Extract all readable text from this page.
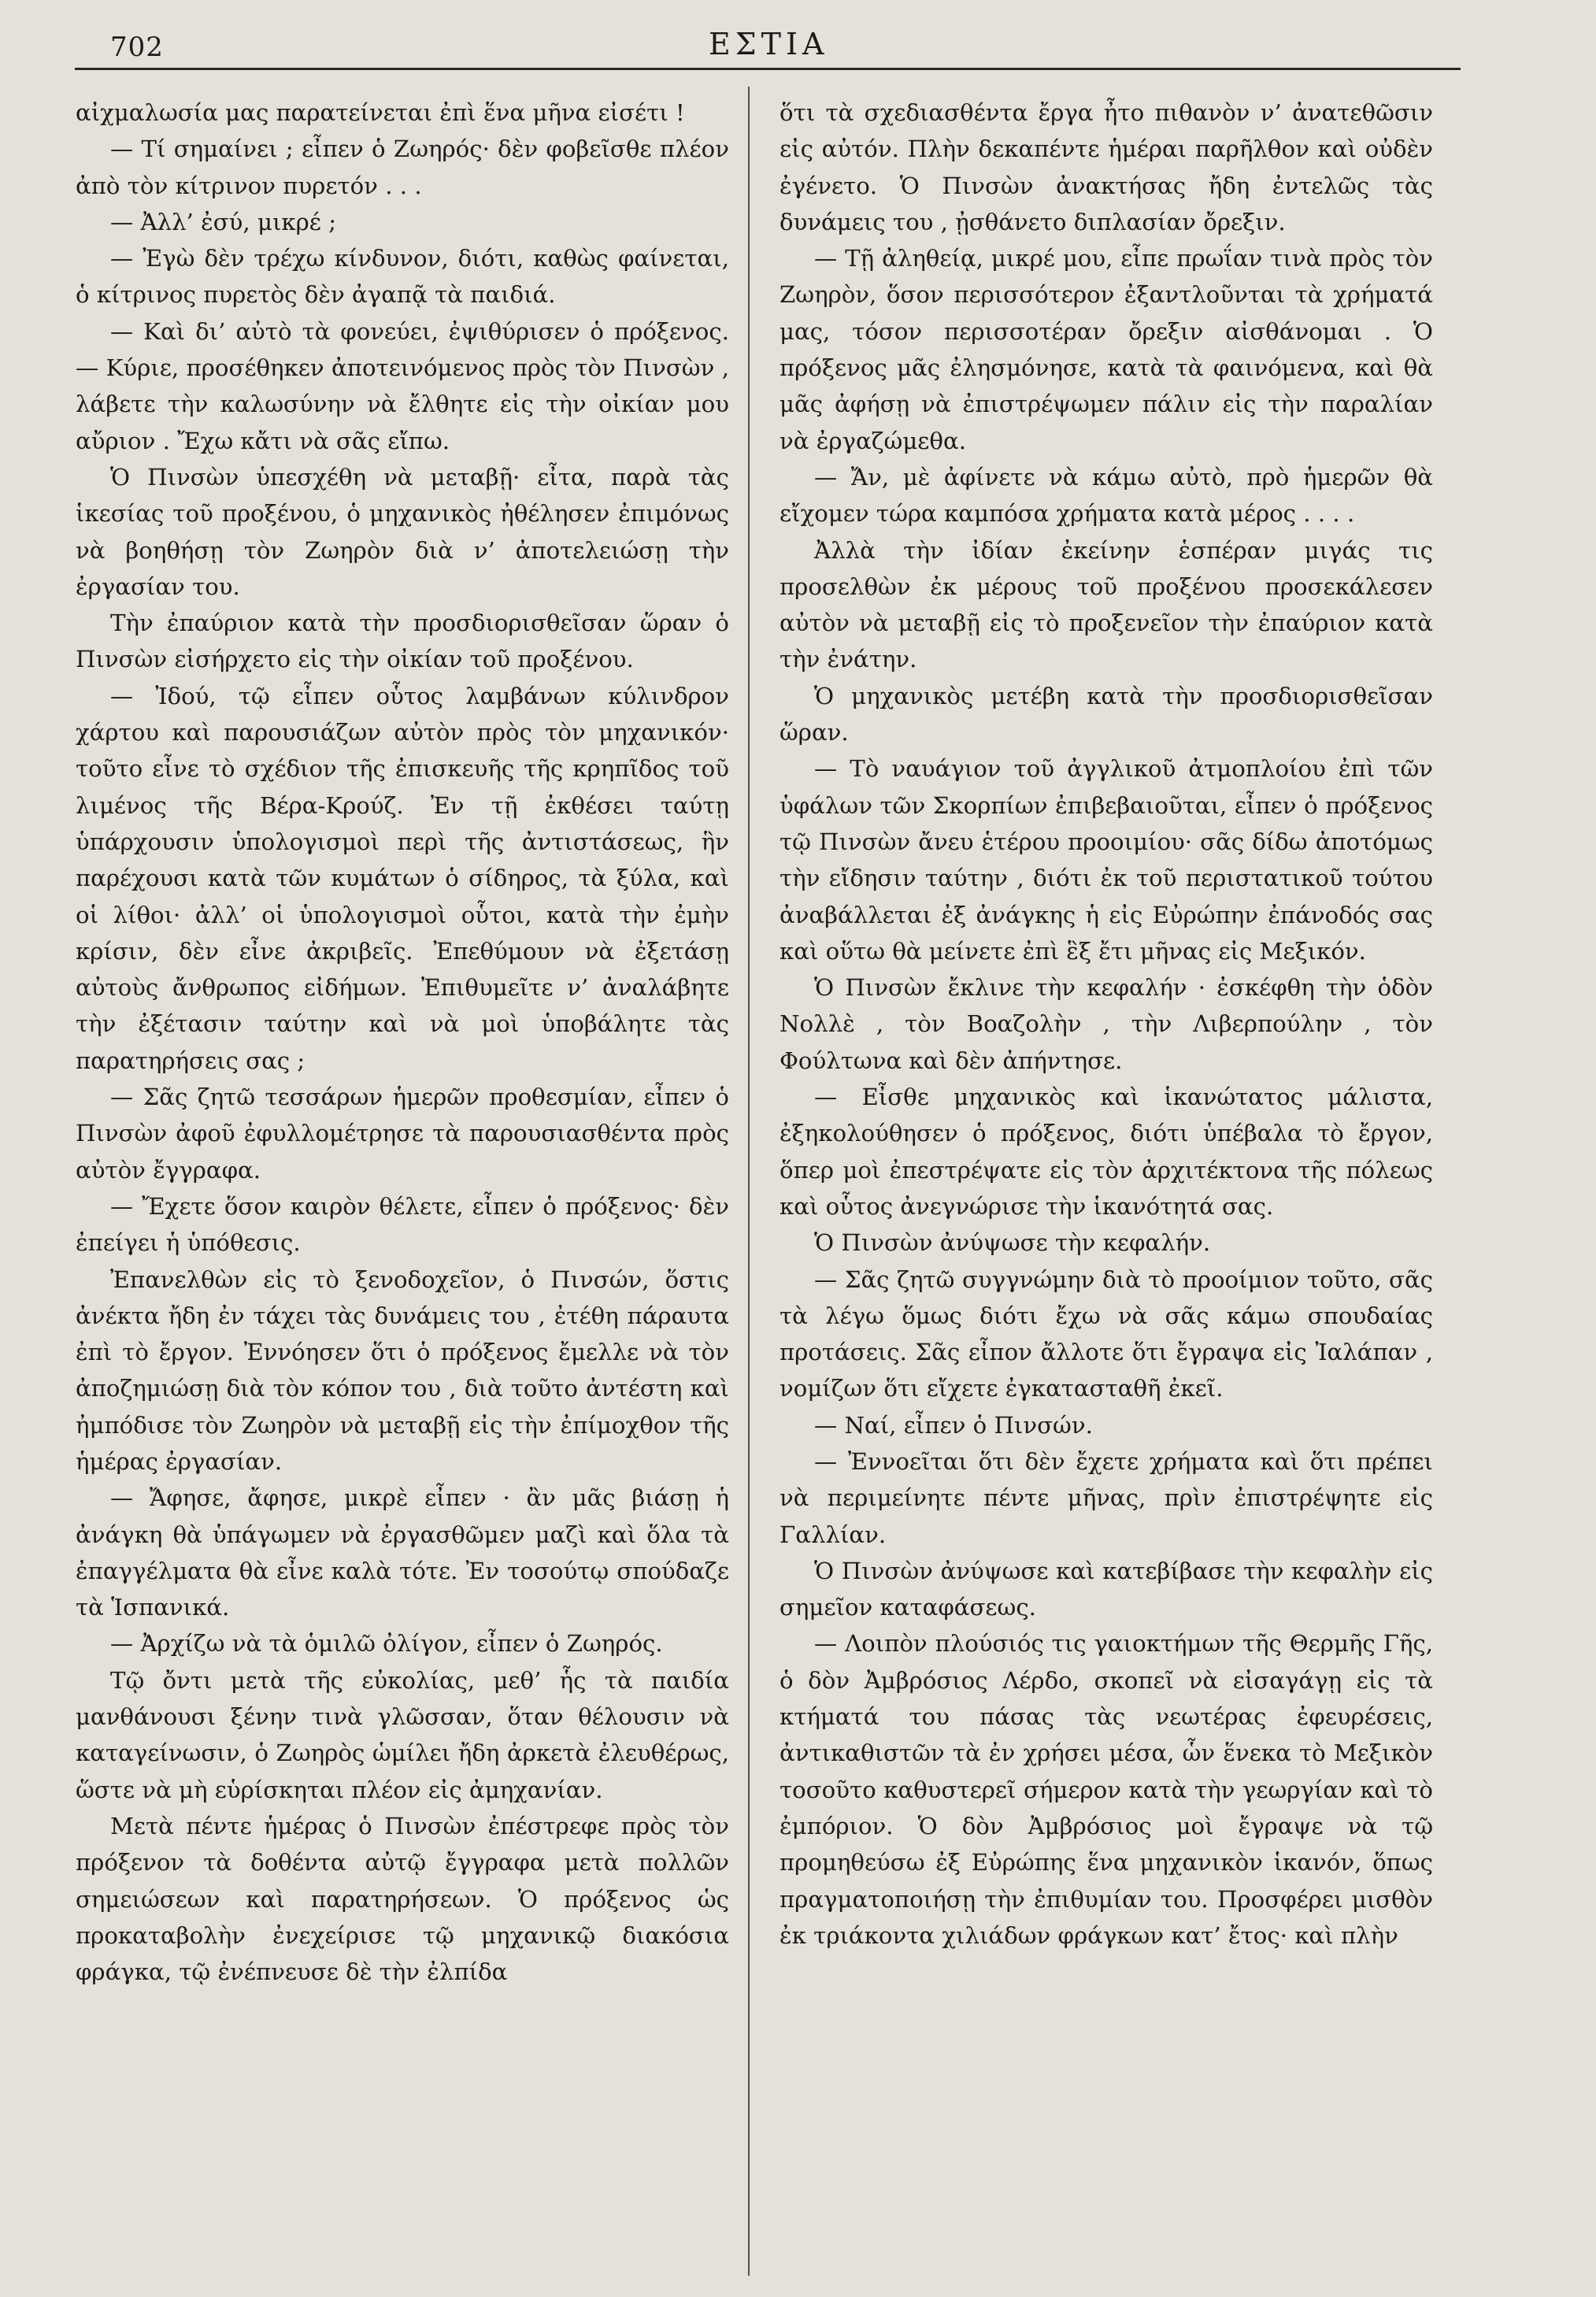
702	ΕΣΤΙΑ

αἰχμαλωσία μας παρατείνεται ἐπὶ ἕνα μῆνα εἰσέτι !

— Τί σημαίνει ; εἶπεν ὁ Ζωηρός· δὲν φοβεῖσθε πλέον ἀπὸ τὸν κίτρινον πυρετόν . . .

— Ἀλλ’ ἐσύ, μικρέ ;

— Ἐγὼ δὲν τρέχω κίνδυνον, διότι, καθὼς φαίνεται, ὁ κίτρινος πυρετὸς δὲν ἀγαπᾷ τὰ παιδιά.

— Καὶ δι’ αὐτὸ τὰ φονεύει, ἐψιθύρισεν ὁ πρόξενος. — Κύριε, προσέθηκεν ἀποτεινόμενος πρὸς τὸν Πινσὼν , λάβετε τὴν καλωσύνην νὰ ἔλθητε εἰς τὴν οἰκίαν μου αὔριον . Ἔχω κἄτι νὰ σᾶς εἴπω.

Ὁ Πινσὼν ὑπεσχέθη νὰ μεταβῇ· εἶτα, παρὰ τὰς ἱκεσίας τοῦ προξένου, ὁ μηχανικὸς ἠθέλησεν ἐπιμόνως νὰ βοηθήσῃ τὸν Ζωηρὸν διὰ ν’ ἀποτελειώσῃ τὴν ἐργασίαν του.

Τὴν ἐπαύριον κατὰ τὴν προσδιορισθεῖσαν ὥραν ὁ Πινσὼν εἰσήρχετο εἰς τὴν οἰκίαν τοῦ προξένου.

— Ἰδού, τῷ εἶπεν οὗτος λαμβάνων κύλινδρον χάρτου καὶ παρουσιάζων αὐτὸν πρὸς τὸν μηχανικόν· τοῦτο εἶνε τὸ σχέδιον τῆς ἐπισκευῆς τῆς κρηπῖδος τοῦ λιμένος τῆς Βέρα-Κρούζ. Ἐν τῇ ἐκθέσει ταύτῃ ὑπάρχουσιν ὑπολογισμοὶ περὶ τῆς ἀντιστάσεως, ἣν παρέχουσι κατὰ τῶν κυμάτων ὁ σίδηρος, τὰ ξύλα, καὶ οἱ λίθοι· ἀλλ’ οἱ ὑπολογισμοὶ οὗτοι, κατὰ τὴν ἐμὴν κρίσιν, δὲν εἶνε ἀκριβεῖς. Ἐπεθύμουν νὰ ἐξετάσῃ αὐτοὺς ἄνθρωπος εἰδήμων. Ἐπιθυμεῖτε ν’ ἀναλάβητε τὴν ἐξέτασιν ταύτην καὶ νὰ μοὶ ὑποβάλητε τὰς παρατηρήσεις σας ;

— Σᾶς ζητῶ τεσσάρων ἡμερῶν προθεσμίαν, εἶπεν ὁ Πινσὼν ἀφοῦ ἐφυλλομέτρησε τὰ παρουσιασθέντα πρὸς αὐτὸν ἔγγραφα.

— Ἔχετε ὅσον καιρὸν θέλετε, εἶπεν ὁ πρόξενος· δὲν ἐπείγει ἡ ὑπόθεσις.

Ἐπανελθὼν εἰς τὸ ξενοδοχεῖον, ὁ Πινσών, ὅστις ἀνέκτα ἤδη ἐν τάχει τὰς δυνάμεις του , ἐτέθη πάραυτα ἐπὶ τὸ ἔργον. Ἐννόησεν ὅτι ὁ πρόξενος ἔμελλε νὰ τὸν ἀποζημιώσῃ διὰ τὸν κόπον του , διὰ τοῦτο ἀντέστη καὶ ἠμπόδισε τὸν Ζωηρὸν νὰ μεταβῇ εἰς τὴν ἐπίμοχθον τῆς ἡμέρας ἐργασίαν.

— Ἄφησε, ἄφησε, μικρὲ εἶπεν · ἂν μᾶς βιάσῃ ἡ ἀνάγκη θὰ ὑπάγωμεν νὰ ἐργασθῶμεν μαζὶ καὶ ὅλα τὰ ἐπαγγέλματα θὰ εἶνε καλὰ τότε. Ἐν τοσούτῳ σπούδαζε τὰ Ἱσπανικά.

— Ἀρχίζω νὰ τὰ ὁμιλῶ ὀλίγον, εἶπεν ὁ Ζωηρός.

Τῷ ὄντι μετὰ τῆς εὐκολίας, μεθ’ ἧς τὰ παιδία μανθάνουσι ξένην τινὰ γλῶσσαν, ὅταν θέλουσιν νὰ καταγείνωσιν, ὁ Ζωηρὸς ὡμίλει ἤδη ἀρκετὰ ἐλευθέρως, ὥστε νὰ μὴ εὑρίσκηται πλέον εἰς ἀμηχανίαν.

Μετὰ πέντε ἡμέρας ὁ Πινσὼν ἐπέστρεφε πρὸς τὸν πρόξενον τὰ δοθέντα αὐτῷ ἔγγραφα μετὰ πολλῶν σημειώσεων καὶ παρατηρήσεων. Ὁ πρόξενος ὡς προκαταβολὴν ἐνεχείρισε τῷ μηχανικῷ διακόσια φράγκα, τῷ ἐνέπνευσε δὲ τὴν ἐλπίδα

ὅτι τὰ σχεδιασθέντα ἔργα ἦτο πιθανὸν ν’ ἀνατεθῶσιν εἰς αὐτόν. Πλὴν δεκαπέντε ἡμέραι παρῆλθον καὶ οὐδὲν ἐγένετο. Ὁ Πινσὼν ἀνακτήσας ἤδη ἐντελῶς τὰς δυνάμεις του , ᾐσθάνετο διπλασίαν ὄρεξιν.

— Τῇ ἀληθείᾳ, μικρέ μου, εἶπε πρωΐαν τινὰ πρὸς τὸν Ζωηρὸν, ὅσον περισσότερον ἐξαντλοῦνται τὰ χρήματά μας, τόσον περισσοτέραν ὄρεξιν αἰσθάνομαι . Ὁ πρόξενος μᾶς ἐλησμόνησε, κατὰ τὰ φαινόμενα, καὶ θὰ μᾶς ἀφήσῃ νὰ ἐπιστρέψωμεν πάλιν εἰς τὴν παραλίαν νὰ ἐργαζώμεθα.

— Ἄν, μὲ ἀφίνετε νὰ κάμω αὐτὸ, πρὸ ἡμερῶν θὰ εἴχομεν τώρα καμπόσα χρήματα κατὰ μέρος . . . .

Ἀλλὰ τὴν ἰδίαν ἐκείνην ἑσπέραν μιγάς τις προσελθὼν ἐκ μέρους τοῦ προξένου προσεκάλεσεν αὐτὸν νὰ μεταβῇ εἰς τὸ προξενεῖον τὴν ἐπαύριον κατὰ τὴν ἐνάτην.

Ὁ μηχανικὸς μετέβη κατὰ τὴν προσδιορισθεῖσαν ὥραν.

— Τὸ ναυάγιον τοῦ ἀγγλικοῦ ἀτμοπλοίου ἐπὶ τῶν ὑφάλων τῶν Σκορπίων ἐπιβεβαιοῦται, εἶπεν ὁ πρόξενος τῷ Πινσὼν ἄνευ ἑτέρου προοιμίου· σᾶς δίδω ἀποτόμως τὴν εἴδησιν ταύτην , διότι ἐκ τοῦ περιστατικοῦ τούτου ἀναβάλλεται ἐξ ἀνάγκης ἡ εἰς Εὐρώπην ἐπάνοδός σας καὶ οὕτω θὰ μείνετε ἐπὶ ἓξ ἔτι μῆνας εἰς Μεξικόν.

Ὁ Πινσὼν ἔκλινε τὴν κεφαλήν · ἐσκέφθη τὴν ὁδὸν Νολλὲ , τὸν Βοαζολὴν , τὴν Λιβερπούλην , τὸν Φούλτωνα καὶ δὲν ἀπήντησε.

— Εἶσθε μηχανικὸς καὶ ἱκανώτατος μάλιστα, ἐξηκολούθησεν ὁ πρόξενος, διότι ὑπέβαλα τὸ ἔργον, ὅπερ μοὶ ἐπεστρέψατε εἰς τὸν ἀρχιτέκτονα τῆς πόλεως καὶ οὗτος ἀνεγνώρισε τὴν ἱκανότητά σας.

Ὁ Πινσὼν ἀνύψωσε τὴν κεφαλήν.

— Σᾶς ζητῶ συγγνώμην διὰ τὸ προοίμιον τοῦτο, σᾶς τὰ λέγω ὅμως διότι ἔχω νὰ σᾶς κάμω σπουδαίας προτάσεις. Σᾶς εἶπον ἄλλοτε ὅτι ἔγραψα εἰς Ἰαλάπαν , νομίζων ὅτι εἴχετε ἐγκατασταθῆ ἐκεῖ.

— Ναί, εἶπεν ὁ Πινσών.

— Ἐννοεῖται ὅτι δὲν ἔχετε χρήματα καὶ ὅτι πρέπει νὰ περιμείνητε πέντε μῆνας, πρὶν ἐπιστρέψητε εἰς Γαλλίαν.

Ὁ Πινσὼν ἀνύψωσε καὶ κατεβίβασε τὴν κεφαλὴν εἰς σημεῖον καταφάσεως.

— Λοιπὸν πλούσιός τις γαιοκτήμων τῆς Θερμῆς Γῆς, ὁ δὸν Ἀμβρόσιος Λέρδο, σκοπεῖ νὰ εἰσαγάγῃ εἰς τὰ κτήματά του πάσας τὰς νεωτέρας ἐφευρέσεις, ἀντικαθιστῶν τὰ ἐν χρήσει μέσα, ὧν ἕνεκα τὸ Μεξικὸν τοσοῦτο καθυστερεῖ σήμερον κατὰ τὴν γεωργίαν καὶ τὸ ἐμπόριον. Ὁ δὸν Ἀμβρόσιος μοὶ ἔγραψε νὰ τῷ προμηθεύσω ἐξ Εὐρώπης ἕνα μηχανικὸν ἱκανόν, ὅπως πραγματοποιήσῃ τὴν ἐπιθυμίαν του. Προσφέρει μισθὸν ἐκ τριάκοντα χιλιάδων φράγκων κατ’ ἔτος· καὶ πλὴν
